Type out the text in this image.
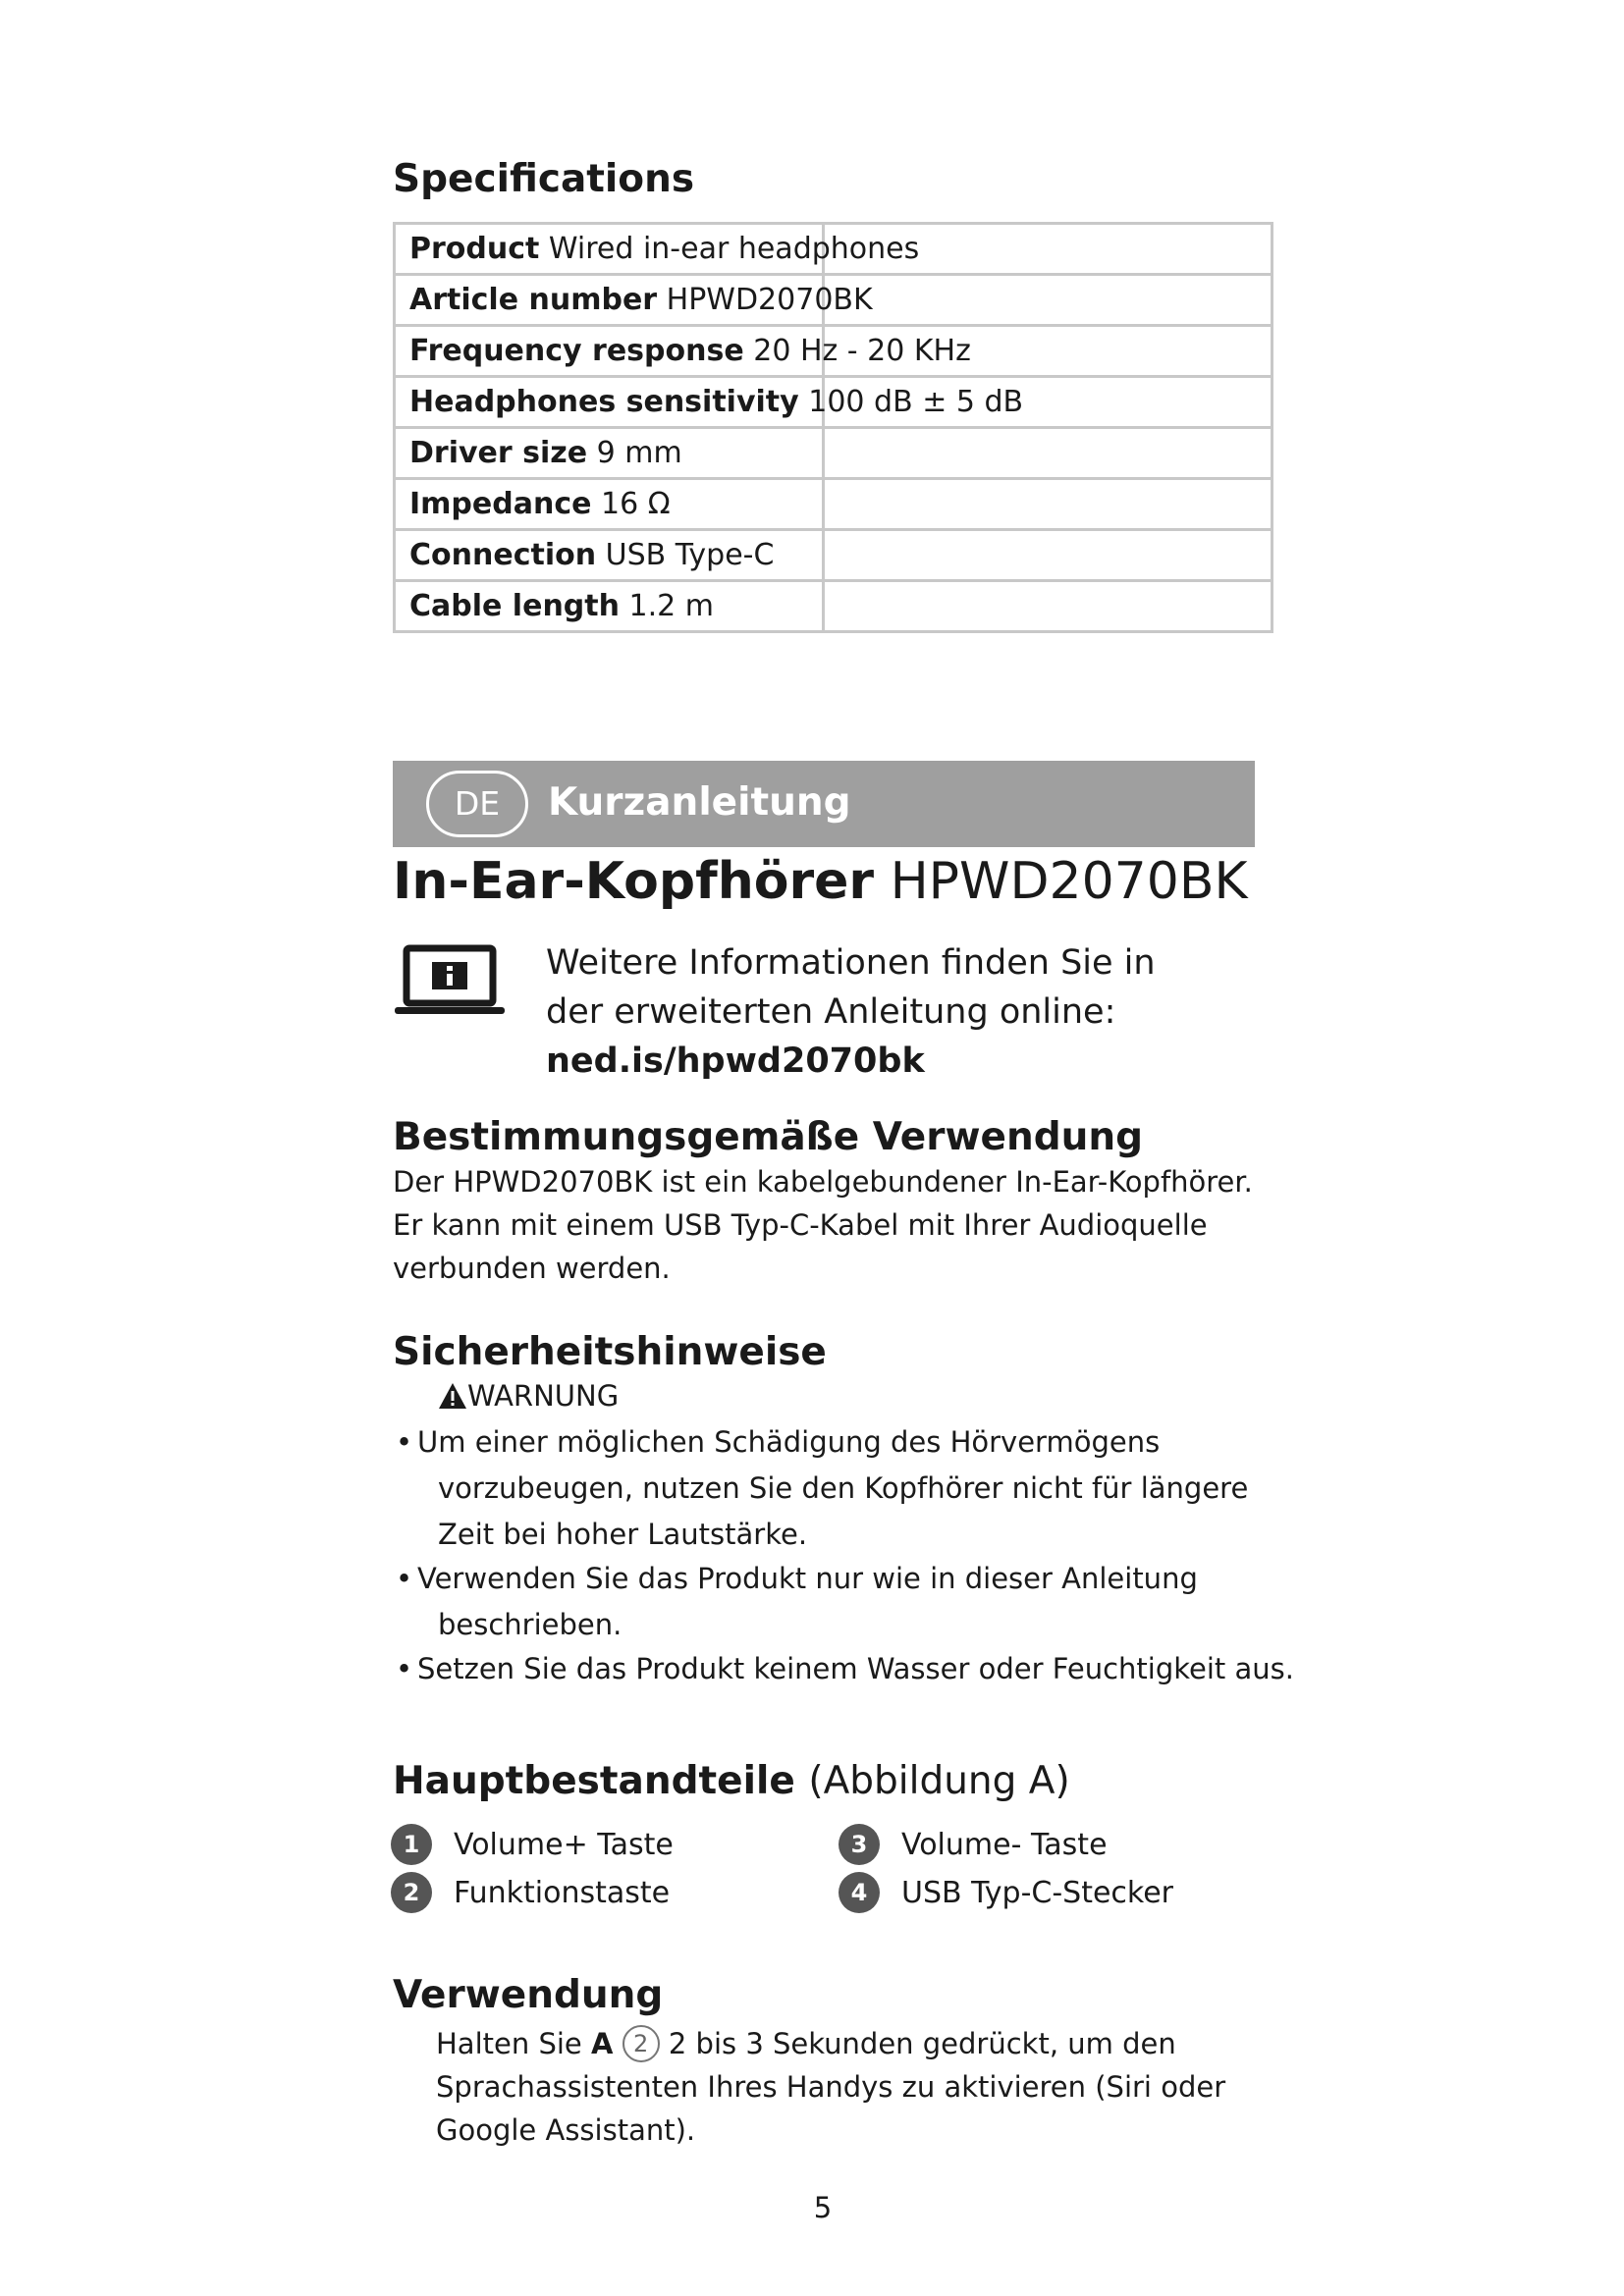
Specifications
Product Wired in-ear headphones	
Article number HPWD2070BK	
Frequency response 20 Hz - 20 KHz	
Headphones sensitivity 100 dB ± 5 dB	
Driver size 9 mm	
Impedance 16 Ω	
Connection USB Type-C	
Cable length 1.2 m	
DE	Kurzanleitung
In-Ear-Kopfhörer HPWD2070BK
Weitere Informationen finden Sie in
der erweiterten Anleitung online:
ned.is/hpwd2070bk
Bestimmungsgemäße Verwendung
Der HPWD2070BK ist ein kabelgebundener In-Ear-Kopfhörer.
Er kann mit einem USB Typ-C-Kabel mit Ihrer Audioquelle
verbunden werden.
Sicherheitshinweise
WARNUNG
• Um einer möglichen Schädigung des Hörvermögens vorzubeugen, nutzen Sie den Kopfhörer nicht für längere Zeit bei hoher Lautstärke.
• Verwenden Sie das Produkt nur wie in dieser Anleitung beschrieben.
• Setzen Sie das Produkt keinem Wasser oder Feuchtigkeit aus.
Hauptbestandteile (Abbildung A)
1	Volume+ Taste
2	Funktionstaste
3	Volume- Taste
4	USB Typ-C-Stecker
Verwendung
Halten Sie A 2 2 bis 3 Sekunden gedrückt, um den
Sprachassistenten Ihres Handys zu aktivieren (Siri oder
Google Assistant).
5
